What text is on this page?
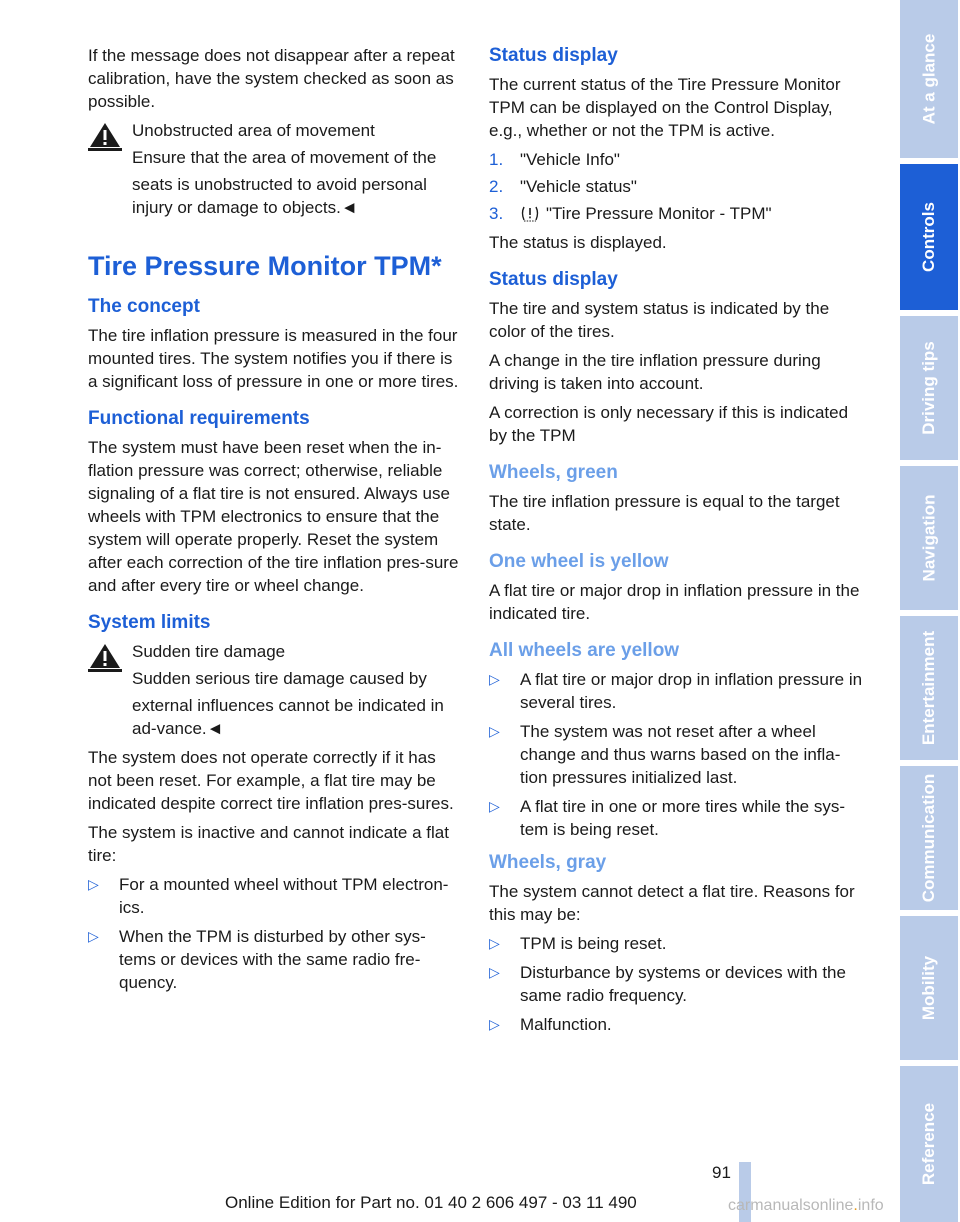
If the message does not disappear after a repeat calibration, have the system checked as soon as possible.

Unobstructed area of movement

Ensure that the area of movement of the

seats is unobstructed to avoid personal injury or damage to objects.◄

Tire Pressure Monitor TPM*
The concept

The tire inflation pressure is measured in the four mounted tires. The system notifies you if there is a significant loss of pressure in one or more tires.

Functional requirements

The system must have been reset when the in-flation pressure was correct; otherwise, reliable signaling of a flat tire is not ensured. Always use wheels with TPM electronics to ensure that the system will operate properly. Reset the system after each correction of the tire inflation pres-sure and after every tire or wheel change.

System limits

Sudden tire damage

Sudden serious tire damage caused by

external influences cannot be indicated in ad-vance.◄

The system does not operate correctly if it has not been reset. For example, a flat tire may be indicated despite correct tire inflation pres-sures.

The system is inactive and cannot indicate a flat tire:

▷ For a mounted wheel without TPM electron-ics.
▷ When the TPM is disturbed by other sys-tems or devices with the same radio fre-quency.
Status display

The current status of the Tire Pressure Monitor TPM can be displayed on the Control Display, e.g., whether or not the TPM is active.

1. "Vehicle Info"
2. "Vehicle status"
3.	"Tire Pressure Monitor - TPM"

The status is displayed.

Status display

The tire and system status is indicated by the color of the tires.

A change in the tire inflation pressure during driving is taken into account.

A correction is only necessary if this is indicated by the TPM

Wheels, green

The tire inflation pressure is equal to the target state.

One wheel is yellow

A flat tire or major drop in inflation pressure in the indicated tire.

All wheels are yellow
▷ A flat tire or major drop in inflation pressure in several tires.
▷ The system was not reset after a wheel change and thus warns based on the infla-tion pressures initialized last.
▷ A flat tire in one or more tires while the sys-tem is being reset.
Wheels, gray

The system cannot detect a flat tire. Reasons for this may be:

▷ TPM is being reset.
▷ Disturbance by systems or devices with the same radio frequency.
▷ Malfunction.
At a glance
Controls
Driving tips
Navigation
Entertainment
Communication
Mobility
Reference
91
Online Edition for Part no. 01 40 2 606 497 - 03 11 490	carmanualsonline.info
